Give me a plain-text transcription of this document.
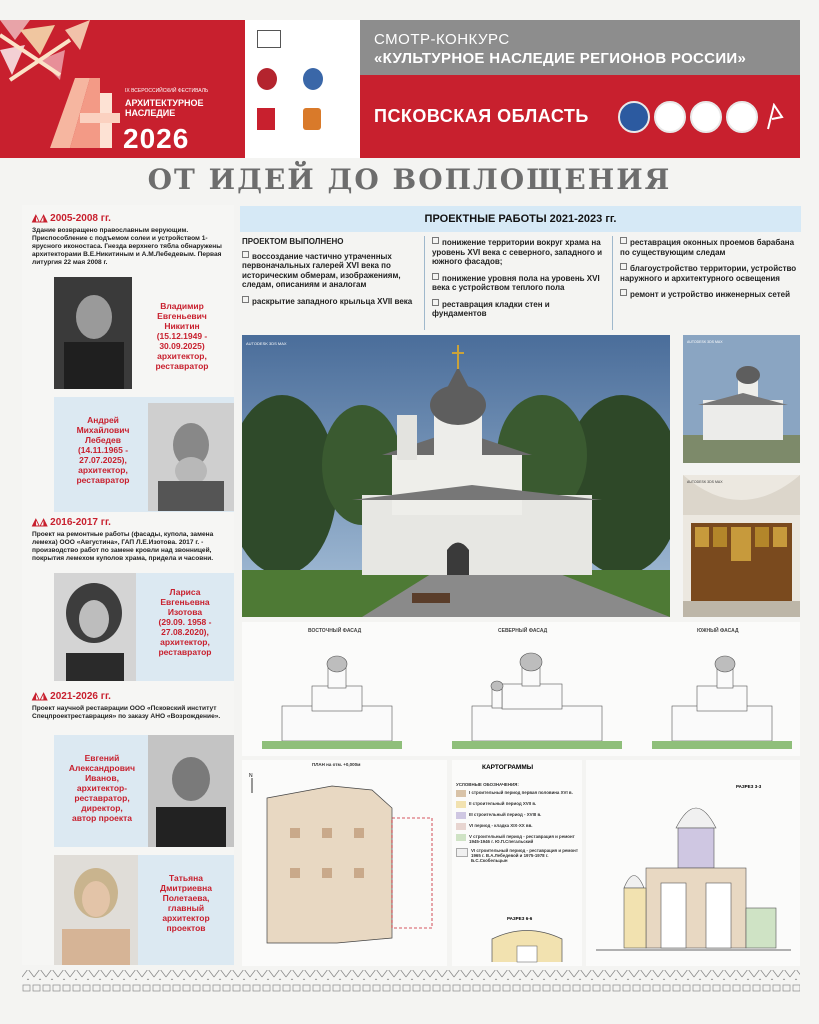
IX ВСЕРОССИЙСКИЙ ФЕСТИВАЛЬ
АРХИТЕКТУРНОЕ НАСЛЕДИЕ
2026
СМОТР-КОНКУРС
«КУЛЬТУРНОЕ НАСЛЕДИЕ РЕГИОНОВ РОССИИ»
ПСКОВСКАЯ ОБЛАСТЬ
ОТ ИДЕЙ ДО ВОПЛОЩЕНИЯ
◭◮ 2005-2008 гг.
Здание возвращено православным верующим. Приспособление с подъемом солеи и устройством 1-ярусного иконостаса. Гнезда верхнего тябла обнаружены архитекторами В.Е.Никитиным и А.М.Лебедевым. Первая литургия 22 мая 2008 г.
Владимир
Евгеньевич
Никитин
(15.12.1949 -
30.09.2025)
архитектор,
реставратор
Андрей
Михайлович
Лебедев
(14.11.1965 -
27.07.2025),
архитектор,
реставратор
◭◮ 2016-2017 гг.
Проект на ремонтные работы (фасады, купола, замена лемеха) ООО «Августина», ГАП Л.Е.Изотова. 2017 г. - производство работ по замене кровли над звонницей, покрытия лемехом куполов храма, придела и часовни.
Лариса
Евгеньевна
Изотова
(29.09. 1958 -
27.08.2020),
архитектор,
реставратор
◭◮ 2021-2026 гг.
Проект научной реставрации ООО «Псковский институт Спецпроектреставрация» по заказу АНО «Возрождение».
Евгений
Александрович
Иванов,
архитектор-
реставратор,
директор,
автор проекта
Татьяна
Дмитриевна
Полетаева,
главный
архитектор
проектов
ПРОЕКТНЫЕ РАБОТЫ 2021-2023 гг.
ПРОЕКТОМ ВЫПОЛНЕНО
воссоздание частично утраченных первоначальных галерей XVI века по историческим обмерам, изображениям, следам, описаниям и аналогам
раскрытие западного крыльца XVII века
понижение территории вокруг храма на уровень XVI века с северного, западного и южного фасадов;
понижение уровня пола на уровень XVI века с устройством теплого пола
реставрация кладки стен и фундаментов
реставрация оконных проемов барабана по существующим следам
благоустройство территории, устройство наружного и архитектурного освещения
ремонт и устройство инженерных сетей
AUTODESK 3DS MAX	AUTODESK 3DS MAX
AUTODESK 3DS MAX
ВОСТОЧНЫЙ ФАСАД	СЕВЕРНЫЙ ФАСАД	ЮЖНЫЙ ФАСАД
ПЛАН на отм. +0,000м
N
КАРТОГРАММЫ
УСЛОВНЫЕ ОБОЗНАЧЕНИЯ:
I строительный период первая половина XVI в.
II строительный период XVII в.
III строительный период - XVIII в.
VI период - кладка XIX-XX вв.
V строительный период - реставрация и ремонт 1945-1946 г. Ю.П.Спегальский
VI строительный период - реставрация и ремонт 1965 г. В.А.Лебедевой и 1975-1978 г. Б.С.Скобельцын
РАЗРЕЗ 6-6
РАЗРЕЗ 3-3
